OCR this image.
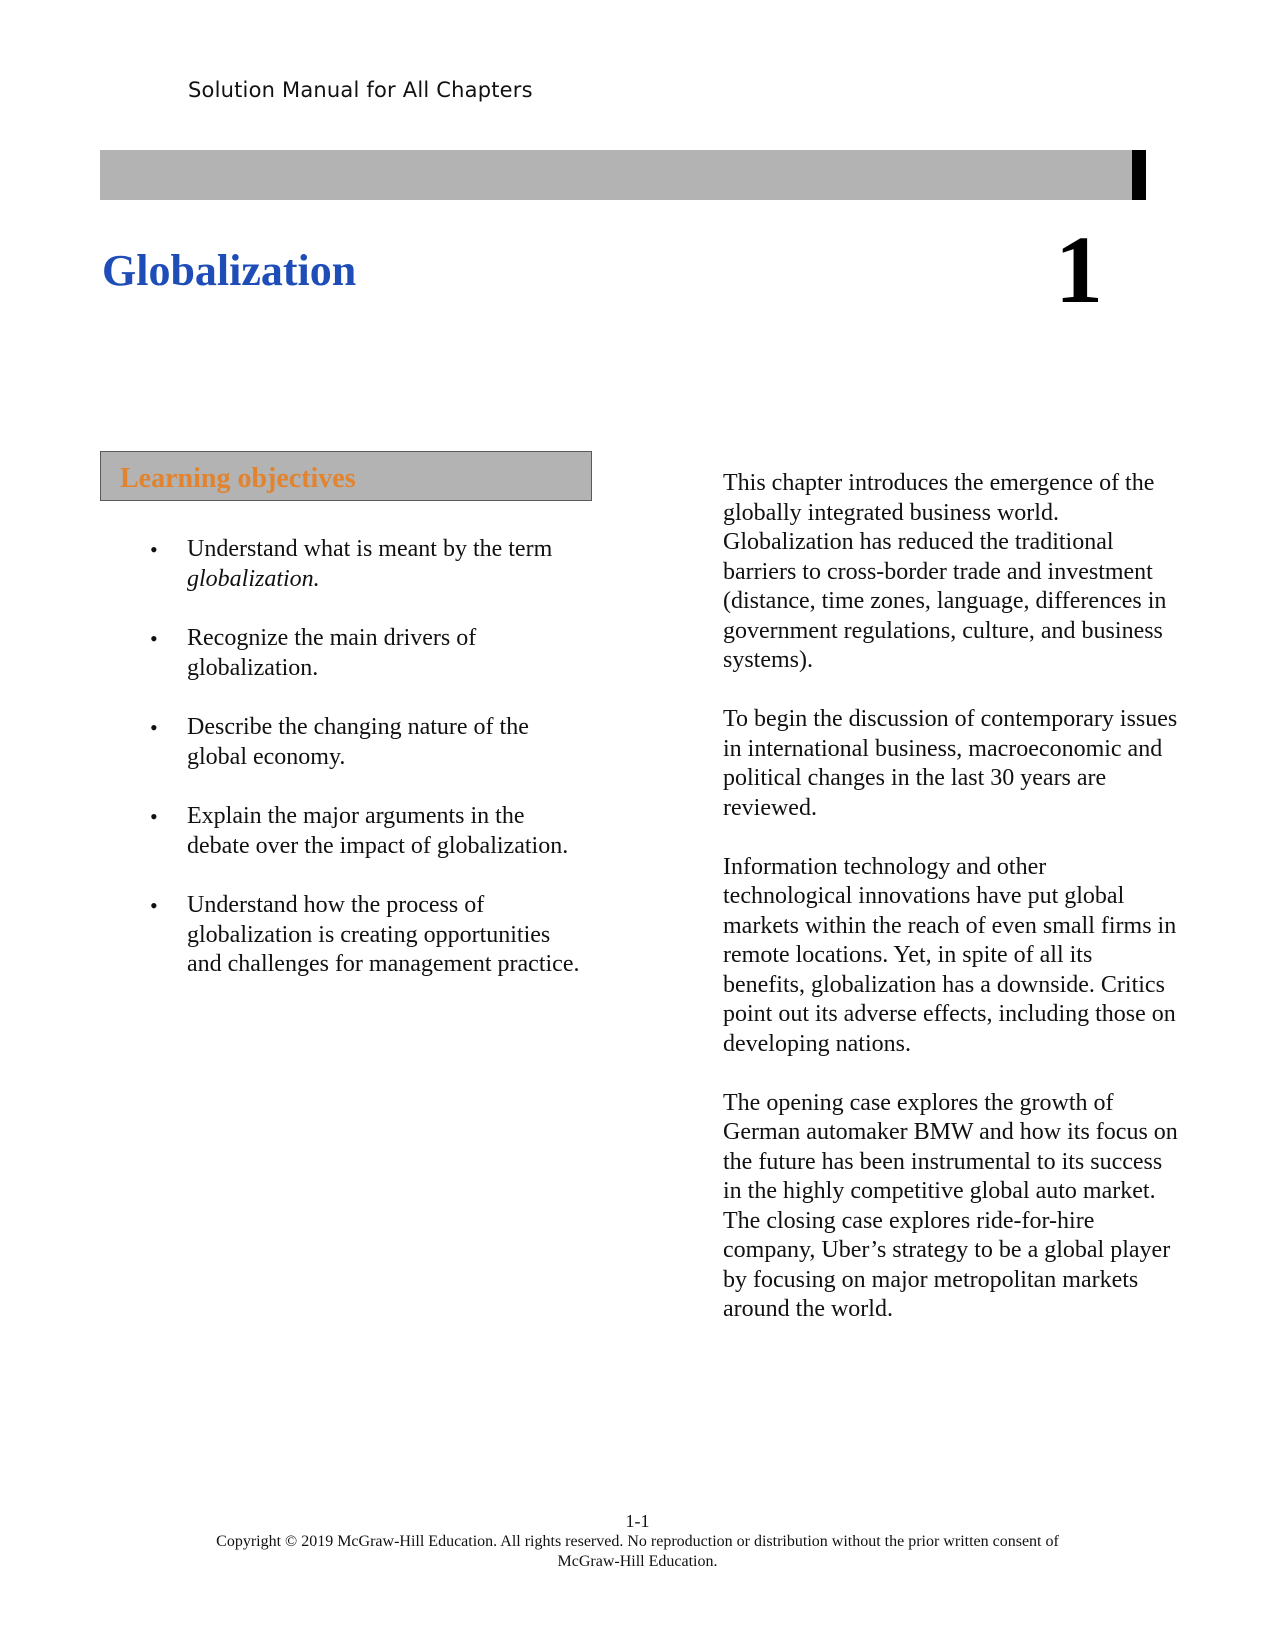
Solution Manual for All Chapters
Globalization	1
Learning objectives
• Understand what is meant by the term
globalization.
• Recognize the main drivers of globalization.
• Describe the changing nature of the global economy.
• Explain the major arguments in the debate over the impact of globalization.
• Understand how the process of globalization is creating opportunities and challenges for management practice.

This chapter introduces the emergence of the globally integrated business world. Globalization has reduced the traditional barriers to cross-border trade and investment (distance, time zones, language, differences in government regulations, culture, and business systems).

To begin the discussion of contemporary issues in international business, macroeconomic and political changes in the last 30 years are reviewed.

Information technology and other technological innovations have put global markets within the reach of even small firms in remote locations. Yet, in spite of all its benefits, globalization has a downside. Critics point out its adverse effects, including those on developing nations.

The opening case explores the growth of German automaker BMW and how its focus on the future has been instrumental to its success in the highly competitive global auto market. The closing case explores ride-for-hire company, Uber’s strategy to be a global player by focusing on major metropolitan markets around the world.

1-1
Copyright © 2019 McGraw-Hill Education. All rights reserved. No reproduction or distribution without the prior written consent of McGraw-Hill Education.
